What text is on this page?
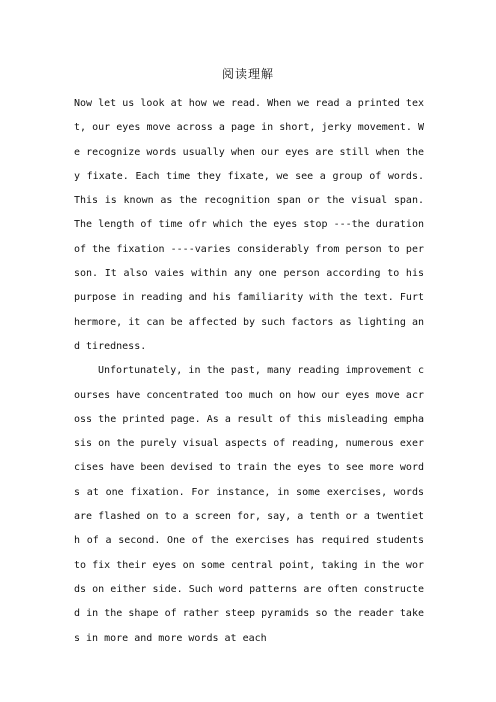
阅读理解

Now let us look at how we read. When we read a printed text, our eyes move across a page in short, jerky movement. We recognize words usually when our eyes are still when they fixate. Each time they fixate, we see a group of words. This is known as the recognition span or the visual span. The length of time ofr which the eyes stop ---the duration of the fixation ----varies considerably from person to person. It also vaies within any one person according to his purpose in reading and his familiarity with the text. Furthermore, it can be affected by such factors as lighting and tiredness.

Unfortunately, in the past, many reading improvement courses have concentrated too much on how our eyes move across the printed page. As a result of this misleading emphasis on the purely visual aspects of reading, numerous exercises have been devised to train the eyes to see more words at one fixation. For instance, in some exercises, words are flashed on to a screen for, say, a tenth or a twentieth of a second. One of the exercises has required students to fix their eyes on some central point, taking in the words on either side. Such word patterns are often constructed in the shape of rather steep pyramids so the reader takes in more and more words at each
